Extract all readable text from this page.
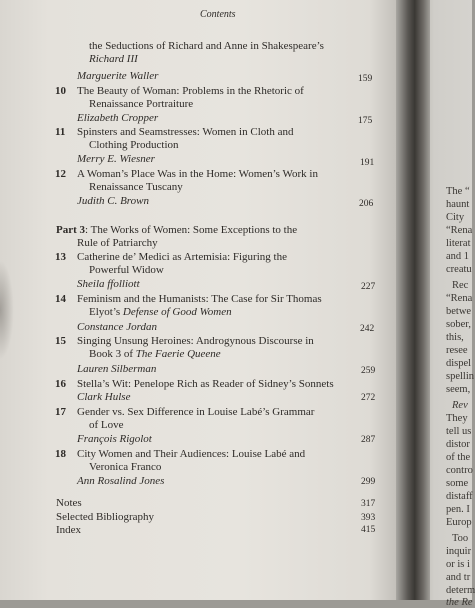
Contents
the Seductions of Richard and Anne in Shakespeare’s
Richard III
Marguerite Waller	159
10 The Beauty of Woman: Problems in the Rhetoric of
Renaissance Portraiture
Elizabeth Cropper	175
11 Spinsters and Seamstresses: Women in Cloth and
Clothing Production
Merry E. Wiesner	191
12 A Woman’s Place Was in the Home: Women’s Work in
Renaissance Tuscany
Judith C. Brown	206
Part 3: The Works of Women: Some Exceptions to the
Rule of Patriarchy
13 Catherine de’ Medici as Artemisia: Figuring the
Powerful Widow
Sheila ffolliott	227
14 Feminism and the Humanists: The Case for Sir Thomas
Elyot’s Defense of Good Women
Constance Jordan	242
15 Singing Unsung Heroines: Androgynous Discourse in
Book 3 of The Faerie Queene
Lauren Silberman	259
16 Stella’s Wit: Penelope Rich as Reader of Sidney’s Sonnets
Clark Hulse	272
17 Gender vs. Sex Difference in Louise Labé’s Grammar
of Love
François Rigolot	287
18 City Women and Their Audiences: Louise Labé and
Veronica Franco
Ann Rosalind Jones	299
Notes	317
Selected Bibliography	393
Index	415
The “
haunt
City
“Rena
literat
and 1
creatu
Rec
“Rena
betwe
sober,
this,
resee
dispel
spellin
seem,
Rev
They
tell us
distor
of the
contro
some
distaff
pen. I
Europ
Too
inquir
or is i
and tr
determ
the Re
